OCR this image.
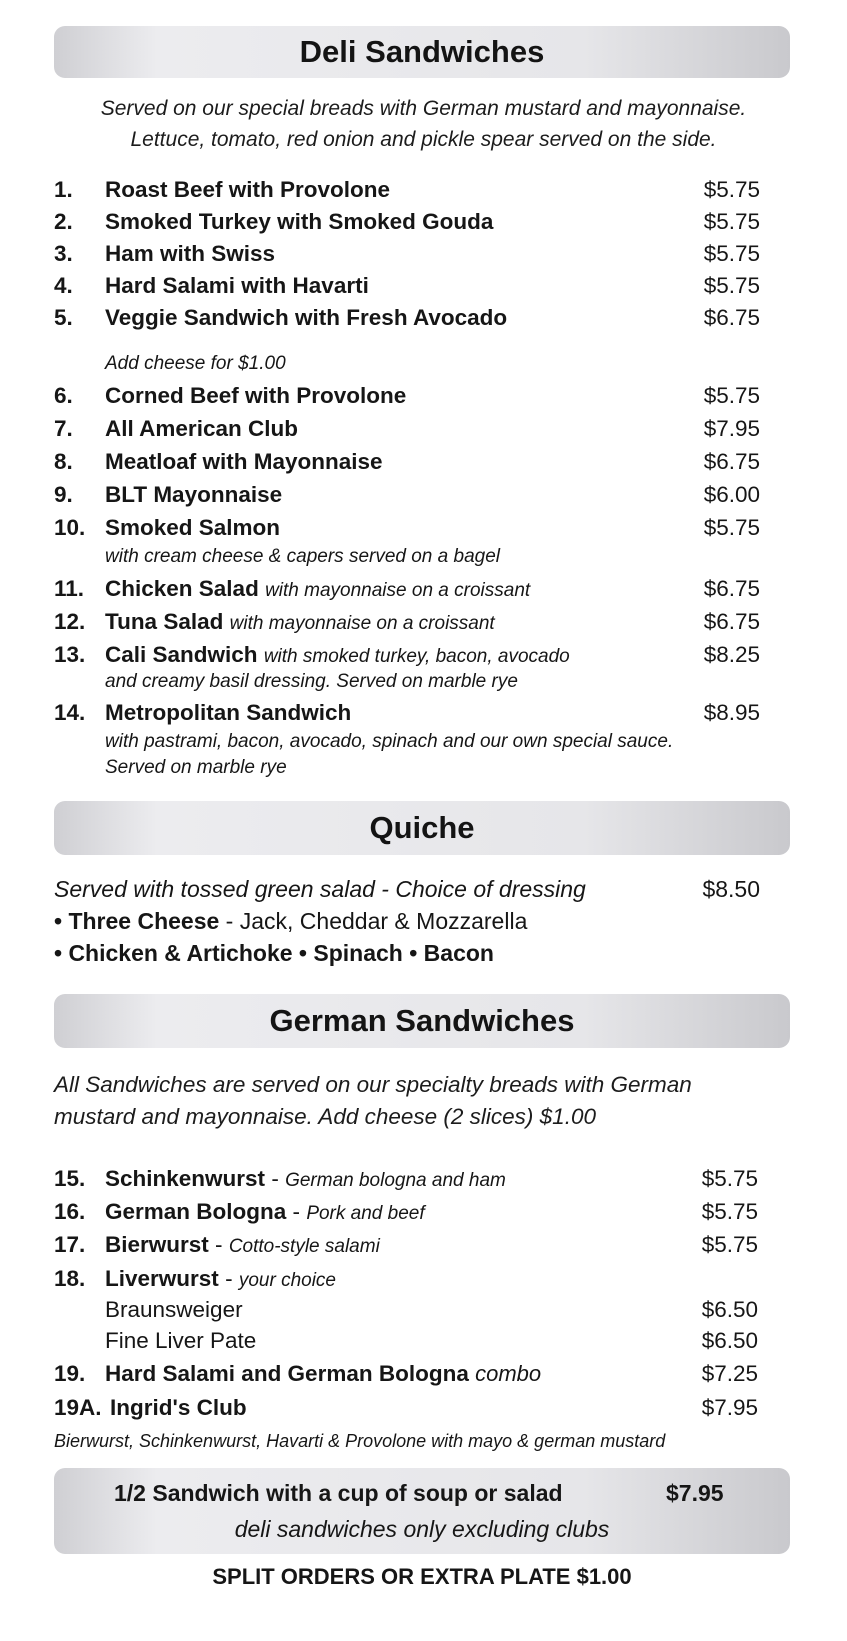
Deli Sandwiches
Served on our special breads with German mustard and mayonnaise.
Lettuce, tomato, red onion and pickle spear served on the side.
1. Roast Beef with Provolone	$5.75
2. Smoked Turkey with Smoked Gouda	$5.75
3. Ham with Swiss	$5.75
4. Hard Salami with Havarti	$5.75
5. Veggie Sandwich with Fresh Avocado	$6.75
Add cheese for $1.00
6. Corned Beef with Provolone	$5.75
7. All American Club	$7.95
8. Meatloaf with Mayonnaise	$6.75
9. BLT Mayonnaise	$6.00
10. Smoked Salmon	$5.75
with cream cheese & capers served on a bagel
11. Chicken Salad with mayonnaise on a croissant	$6.75
12. Tuna Salad with mayonnaise on a croissant	$6.75
13. Cali Sandwich with smoked turkey, bacon, avocado	$8.25
and creamy basil dressing. Served on marble rye
14. Metropolitan Sandwich	$8.95
with pastrami, bacon, avocado, spinach and our own special sauce.
Served on marble rye
Quiche
Served with tossed green salad - Choice of dressing	$8.50
• Three Cheese - Jack, Cheddar & Mozzarella
• Chicken & Artichoke • Spinach • Bacon
German Sandwiches
All Sandwiches are served on our specialty breads with German
mustard and mayonnaise. Add cheese (2 slices) $1.00
15. Schinkenwurst - German bologna and ham	$5.75
16. German Bologna - Pork and beef	$5.75
17. Bierwurst - Cotto-style salami	$5.75
18. Liverwurst - your choice
Braunsweiger	$6.50
Fine Liver Pate	$6.50
19. Hard Salami and German Bologna combo	$7.25
19A. Ingrid's Club	$7.95
Bierwurst, Schinkenwurst, Havarti & Provolone with mayo & german mustard
1/2 Sandwich with a cup of soup or salad	$7.95
deli sandwiches only excluding clubs
SPLIT ORDERS OR EXTRA PLATE $1.00
